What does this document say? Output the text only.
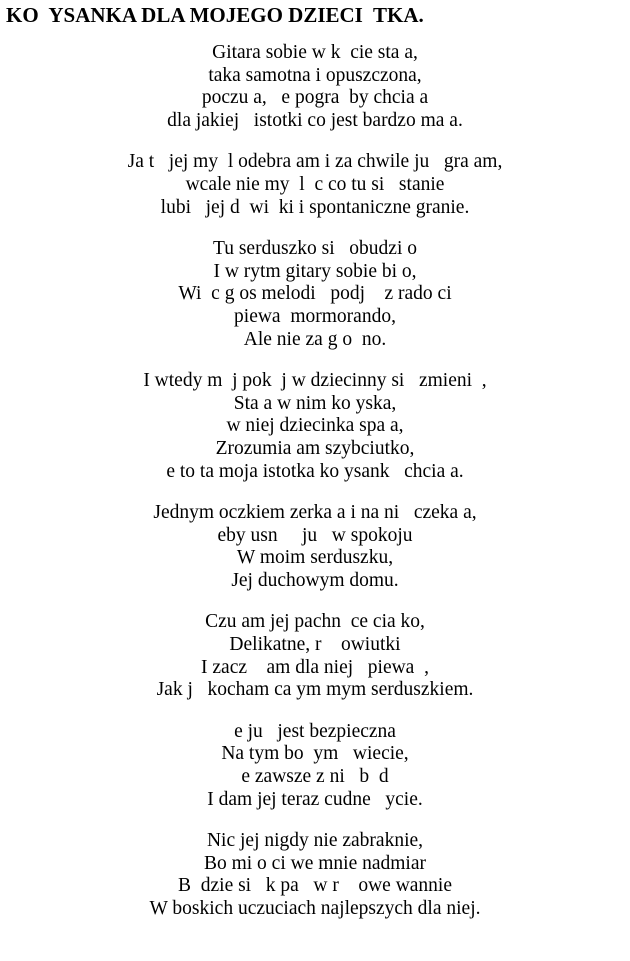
KO  YSANKA DLA MOJEGO DZIECI  TKA.
Gitara sobie w k  cie sta a,
taka samotna i opuszczona,
poczu a,   e pogra  by chcia a
dla jakiej   istotki co jest bardzo ma a.
Ja t   jej my  l odebra am i za chwile ju   gra am,
wcale nie my  l  c co tu si   stanie
lubi   jej d  wi  ki i spontaniczne granie.
Tu serduszko si   obudzi o
I w rytm gitary sobie bi o,
Wi  c g os melodi   podj    z rado ci
piewa  mormorando,
Ale nie za g o  no.
I wtedy m  j pok  j w dziecinny si   zmieni  ,
Sta a w nim ko yska,
w niej dziecinka spa a,
Zrozumia am szybciutko,
e to ta moja istotka ko ysank   chcia a.
Jednym oczkiem zerka a i na ni   czeka a,
eby usn     ju   w spokoju
W moim serduszku,
Jej duchowym domu.
Czu am jej pachn  ce cia ko,
Delikatne, r    owiutki
I zacz    am dla niej   piewa  ,
Jak j   kocham ca ym mym serduszkiem.
e ju   jest bezpieczna
Na tym bo  ym   wiecie,
e zawsze z ni   b  d
I dam jej teraz cudne   ycie.
Nic jej nigdy nie zabraknie,
Bo mi o ci we mnie nadmiar
B  dzie si   k pa   w r    owe wannie
W boskich uczuciach najlepszych dla niej.
